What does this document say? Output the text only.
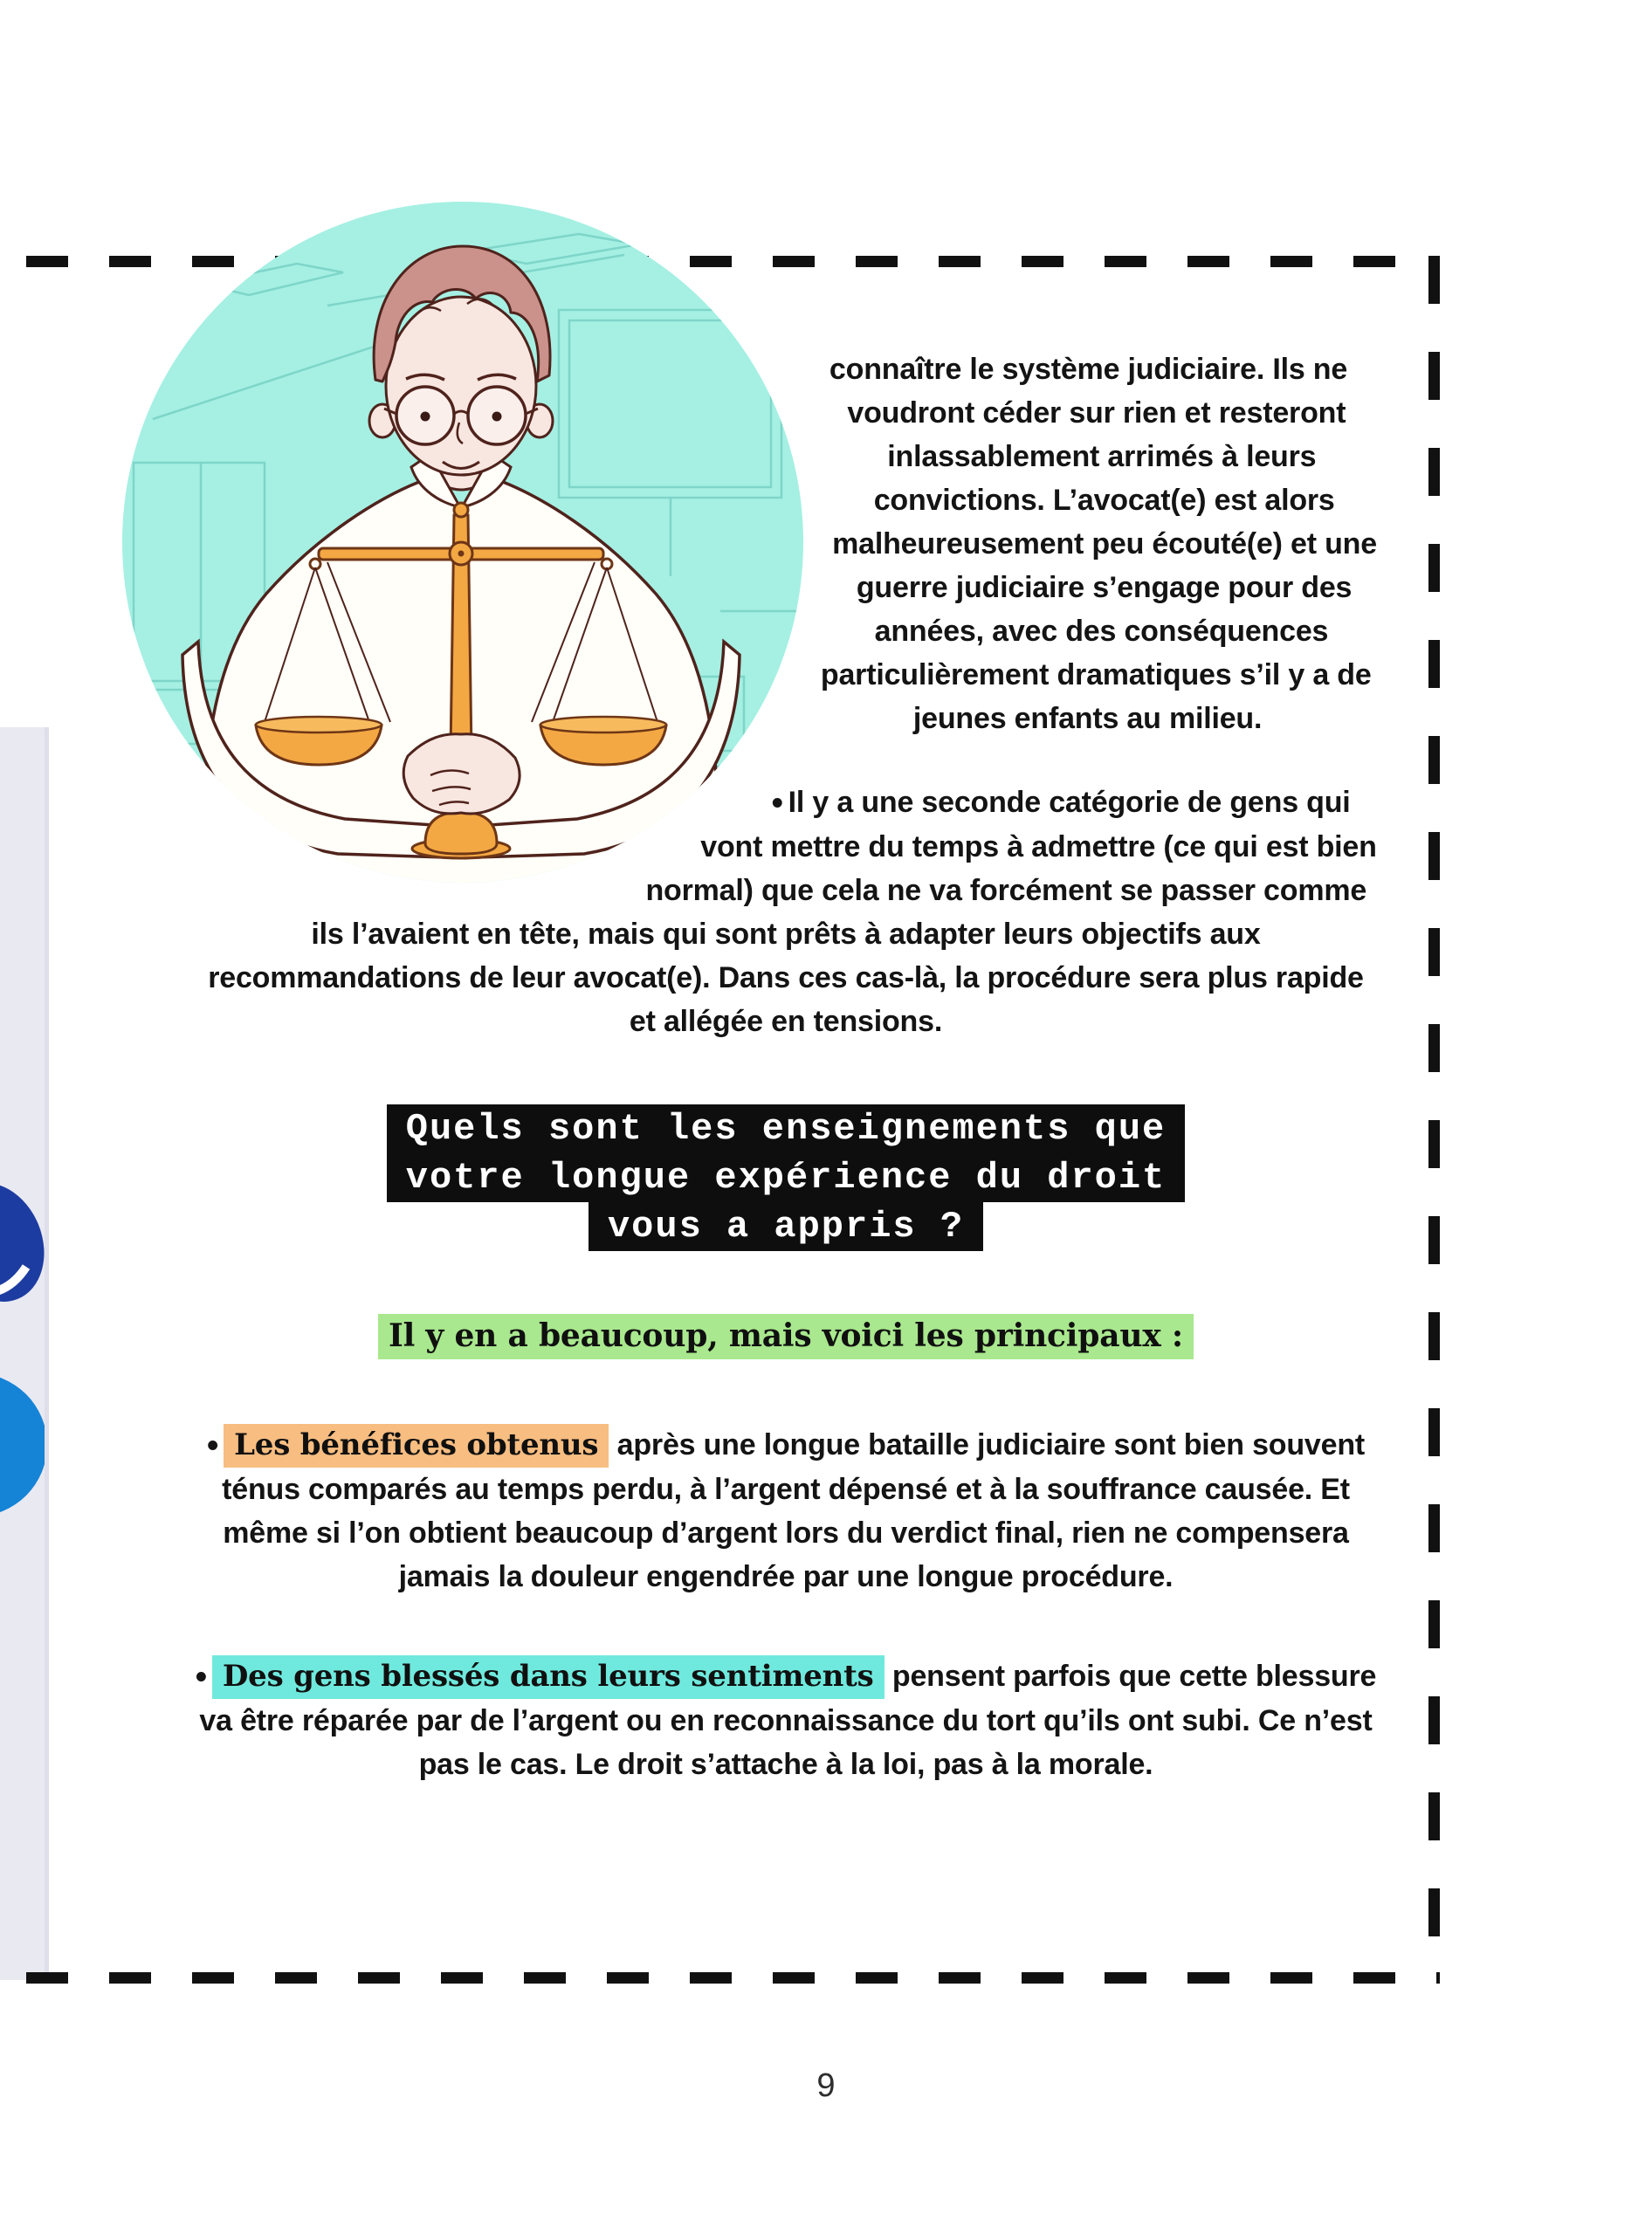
connaître le système judiciaire. Ils ne voudront céder sur rien et resteront inlassablement arrimés à leurs convictions. L’avocat(e) est alors malheureusement peu écouté(e) et une guerre judiciaire s’engage pour des années, avec des conséquences particulièrement dramatiques s’il y a de jeunes enfants au milieu.

• Il y a une seconde catégorie de gens qui vont mettre du temps à admettre (ce qui est bien normal) que cela ne va forcément se passer comme ils l’avaient en tête, mais qui sont prêts à adapter leurs objectifs aux recommandations de leur avocat(e). Dans ces cas-là, la procédure sera plus rapide et allégée en tensions.

Quels sont les enseignements que
votre longue expérience du droit
vous a appris ?

Il y en a beaucoup, mais voici les principaux :

• Les bénéfices obtenus après une longue bataille judiciaire sont bien souvent ténus comparés au temps perdu, à l’argent dépensé et à la souffrance causée. Et même si l’on obtient beaucoup d’argent lors du verdict final, rien ne compensera jamais la douleur engendrée par une longue procédure.

• Des gens blessés dans leurs sentiments pensent parfois que cette blessure va être réparée par de l’argent ou en reconnaissance du tort qu’ils ont subi. Ce n’est pas le cas. Le droit s’attache à la loi, pas à la morale.

9
